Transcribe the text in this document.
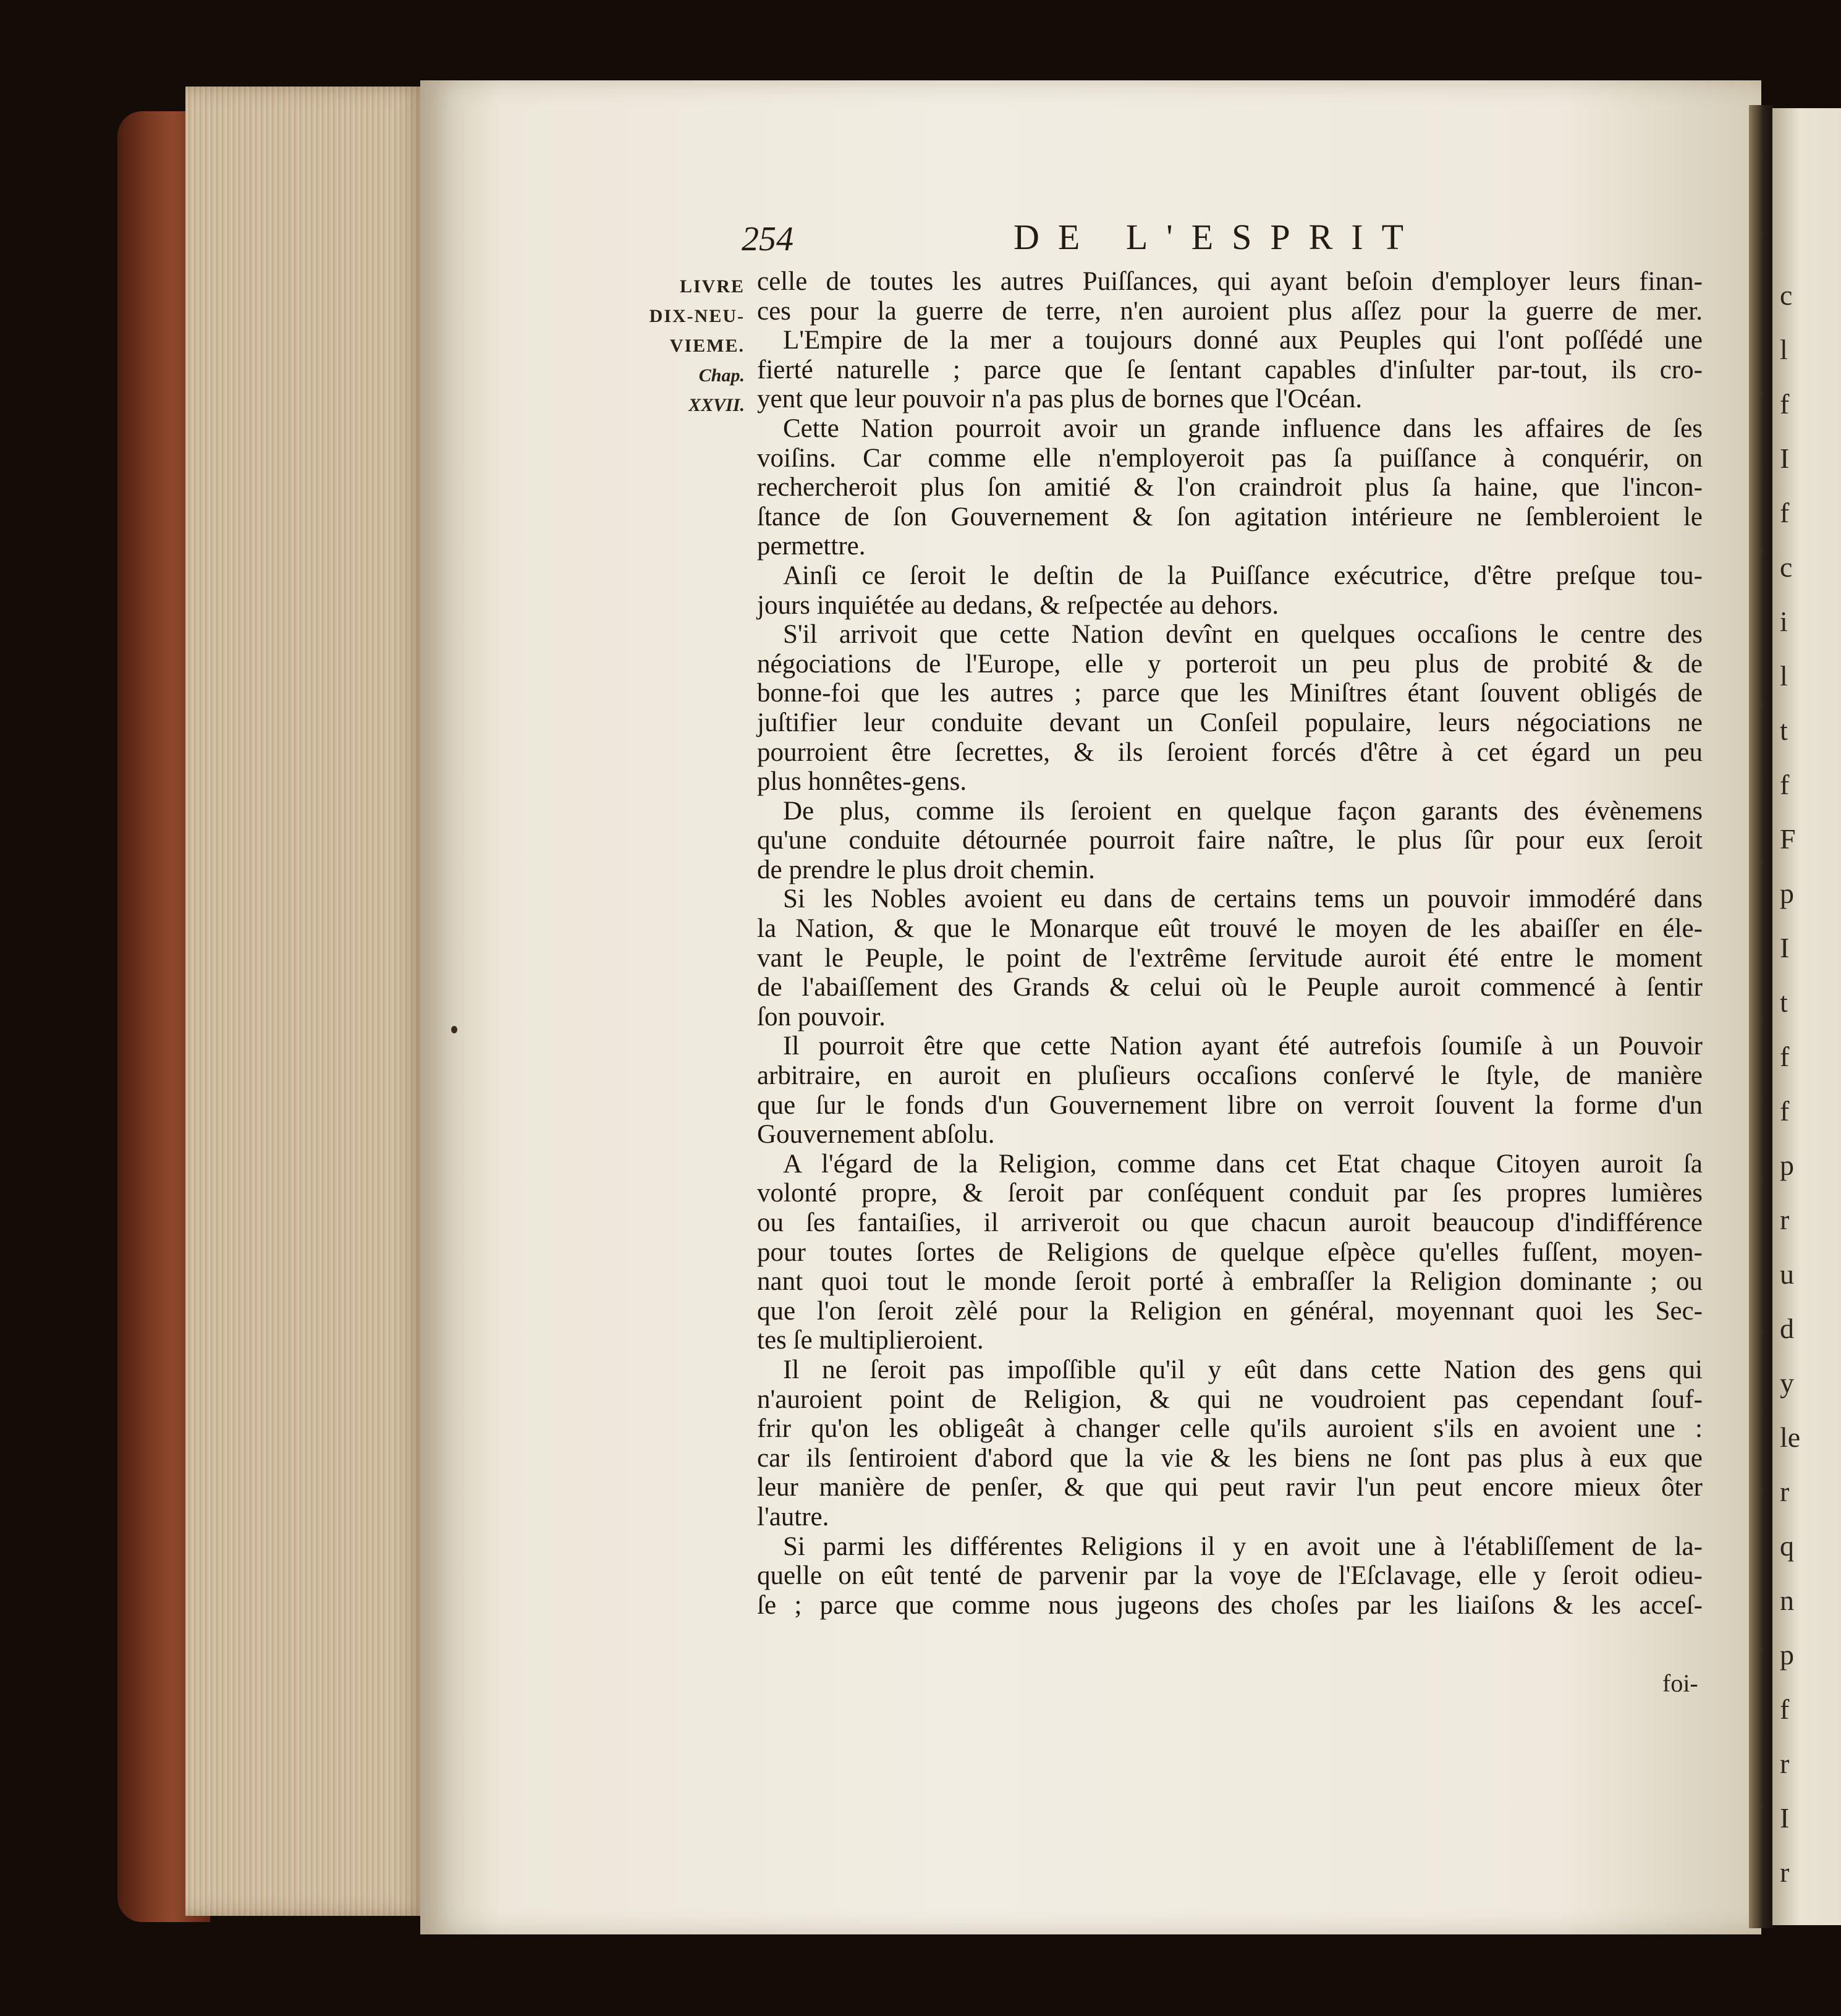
c
l
f
I
f
c
i
l
t
f
F
p
I
t
f
f
p
r
u
d
y
le
r
q
n
p
f
r
I
r
254	DE L'ESPRIT
LIVRE
DIX-NEU-
VIEME.
Chap.
XXVII.
celle de toutes les autres Puiſſances, qui ayant beſoin d'employer leurs finan-
ces pour la guerre de terre, n'en auroient plus aſſez pour la guerre de mer.
L'Empire de la mer a toujours donné aux Peuples qui l'ont poſſédé une
fierté naturelle ; parce que ſe ſentant capables d'inſulter par-tout, ils cro-
yent que leur pouvoir n'a pas plus de bornes que l'Océan.
Cette Nation pourroit avoir un grande influence dans les affaires de ſes
voiſins. Car comme elle n'employeroit pas ſa puiſſance à conquérir, on
rechercheroit plus ſon amitié & l'on craindroit plus ſa haine, que l'incon-
ſtance de ſon Gouvernement & ſon agitation intérieure ne ſembleroient le
permettre.
Ainſi ce ſeroit le deſtin de la Puiſſance exécutrice, d'être preſque tou-
jours inquiétée au dedans, & reſpectée au dehors.
S'il arrivoit que cette Nation devînt en quelques occaſions le centre des
négociations de l'Europe, elle y porteroit un peu plus de probité & de
bonne-foi que les autres ; parce que les Miniſtres étant ſouvent obligés de
juſtifier leur conduite devant un Conſeil populaire, leurs négociations ne
pourroient être ſecrettes, & ils ſeroient forcés d'être à cet égard un peu
plus honnêtes-gens.
De plus, comme ils ſeroient en quelque façon garants des évènemens
qu'une conduite détournée pourroit faire naître, le plus ſûr pour eux ſeroit
de prendre le plus droit chemin.
Si les Nobles avoient eu dans de certains tems un pouvoir immodéré dans
la Nation, & que le Monarque eût trouvé le moyen de les abaiſſer en éle-
vant le Peuple, le point de l'extrême ſervitude auroit été entre le moment
de l'abaiſſement des Grands & celui où le Peuple auroit commencé à ſentir
ſon pouvoir.
Il pourroit être que cette Nation ayant été autrefois ſoumiſe à un Pouvoir
arbitraire, en auroit en pluſieurs occaſions conſervé le ſtyle, de manière
que ſur le fonds d'un Gouvernement libre on verroit ſouvent la forme d'un
Gouvernement abſolu.
A l'égard de la Religion, comme dans cet Etat chaque Citoyen auroit ſa
volonté propre, & ſeroit par conſéquent conduit par ſes propres lumières
ou ſes fantaiſies, il arriveroit ou que chacun auroit beaucoup d'indifférence
pour toutes ſortes de Religions de quelque eſpèce qu'elles fuſſent, moyen-
nant quoi tout le monde ſeroit porté à embraſſer la Religion dominante ; ou
que l'on ſeroit zèlé pour la Religion en général, moyennant quoi les Sec-
tes ſe multiplieroient.
Il ne ſeroit pas impoſſible qu'il y eût dans cette Nation des gens qui
n'auroient point de Religion, & qui ne voudroient pas cependant ſouf-
frir qu'on les obligeât à changer celle qu'ils auroient s'ils en avoient une :
car ils ſentiroient d'abord que la vie & les biens ne ſont pas plus à eux que
leur manière de penſer, & que qui peut ravir l'un peut encore mieux ôter
l'autre.
Si parmi les différentes Religions il y en avoit une à l'établiſſement de la-
quelle on eût tenté de parvenir par la voye de l'Eſclavage, elle y ſeroit odieu-
ſe ; parce que comme nous jugeons des choſes par les liaiſons & les acceſ-
foi-
